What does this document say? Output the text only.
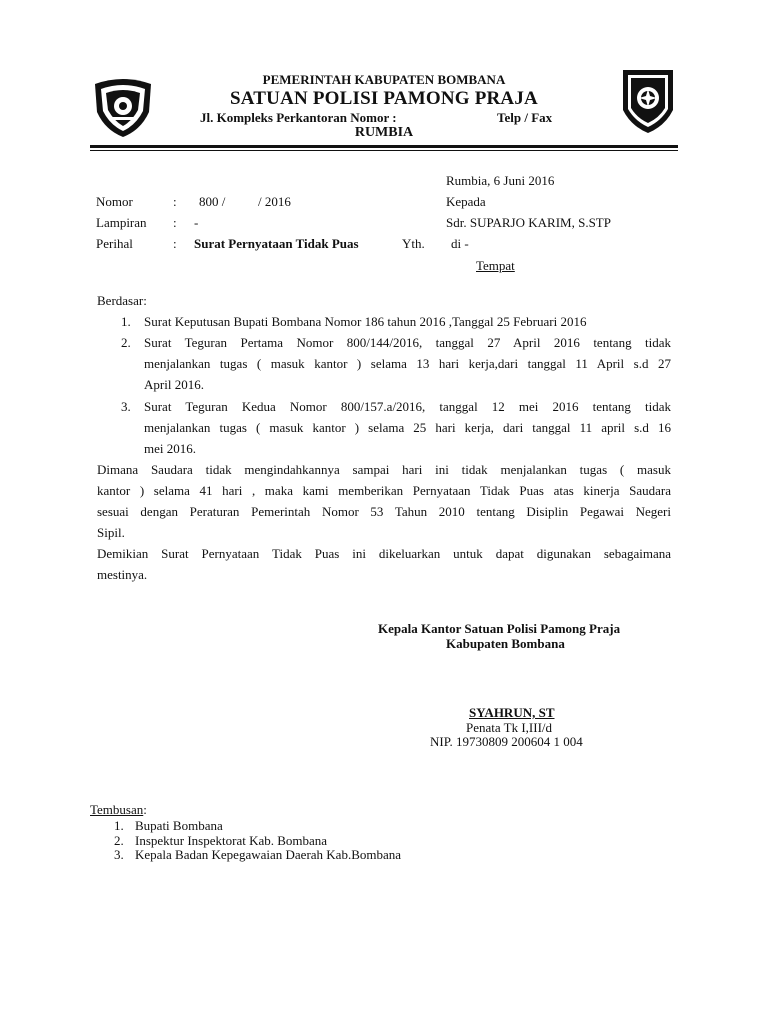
PEMERINTAH KABUPATEN BOMBANA
SATUAN POLISI PAMONG PRAJA
Jl. Kompleks Perkantoran Nomor :	Telp / Fax
RUMBIA
Rumbia, 6 Juni 2016
Nomor	: 800 /	/ 2016
Lampiran : -
Perihal	: Surat Pernyataan Tidak Puas
Kepada
Sdr. SUPARJO KARIM, S.STP
Yth. di -
Tempat
Berdasar:
1. Surat Keputusan Bupati Bombana Nomor 186 tahun 2016 ,Tanggal 25 Februari 2016
2. Surat Teguran Pertama Nomor 800/144/2016, tanggal 27 April 2016 tentang tidak
menjalankan tugas ( masuk kantor ) selama 13 hari kerja,dari tanggal 11 April s.d 27
April 2016.
3. Surat Teguran Kedua Nomor 800/157.a/2016, tanggal 12 mei 2016 tentang tidak
menjalankan tugas ( masuk kantor ) selama 25 hari kerja, dari tanggal 11 april s.d 16
mei 2016.
Dimana Saudara tidak mengindahkannya sampai hari ini tidak menjalankan tugas ( masuk
kantor ) selama 41 hari , maka kami memberikan Pernyataan Tidak Puas atas kinerja Saudara
sesuai dengan Peraturan Pemerintah Nomor 53 Tahun 2010 tentang Disiplin Pegawai Negeri
Sipil.
Demikian Surat Pernyataan Tidak Puas ini dikeluarkan untuk dapat digunakan sebagaimana
mestinya.
Kepala Kantor Satuan Polisi Pamong Praja
Kabupaten Bombana
SYAHRUN, ST
Penata Tk I,III/d
NIP. 19730809 200604 1 004
Tembusan:
1. Bupati Bombana
2. Inspektur Inspektorat Kab. Bombana
3. Kepala Badan Kepegawaian Daerah Kab.Bombana
